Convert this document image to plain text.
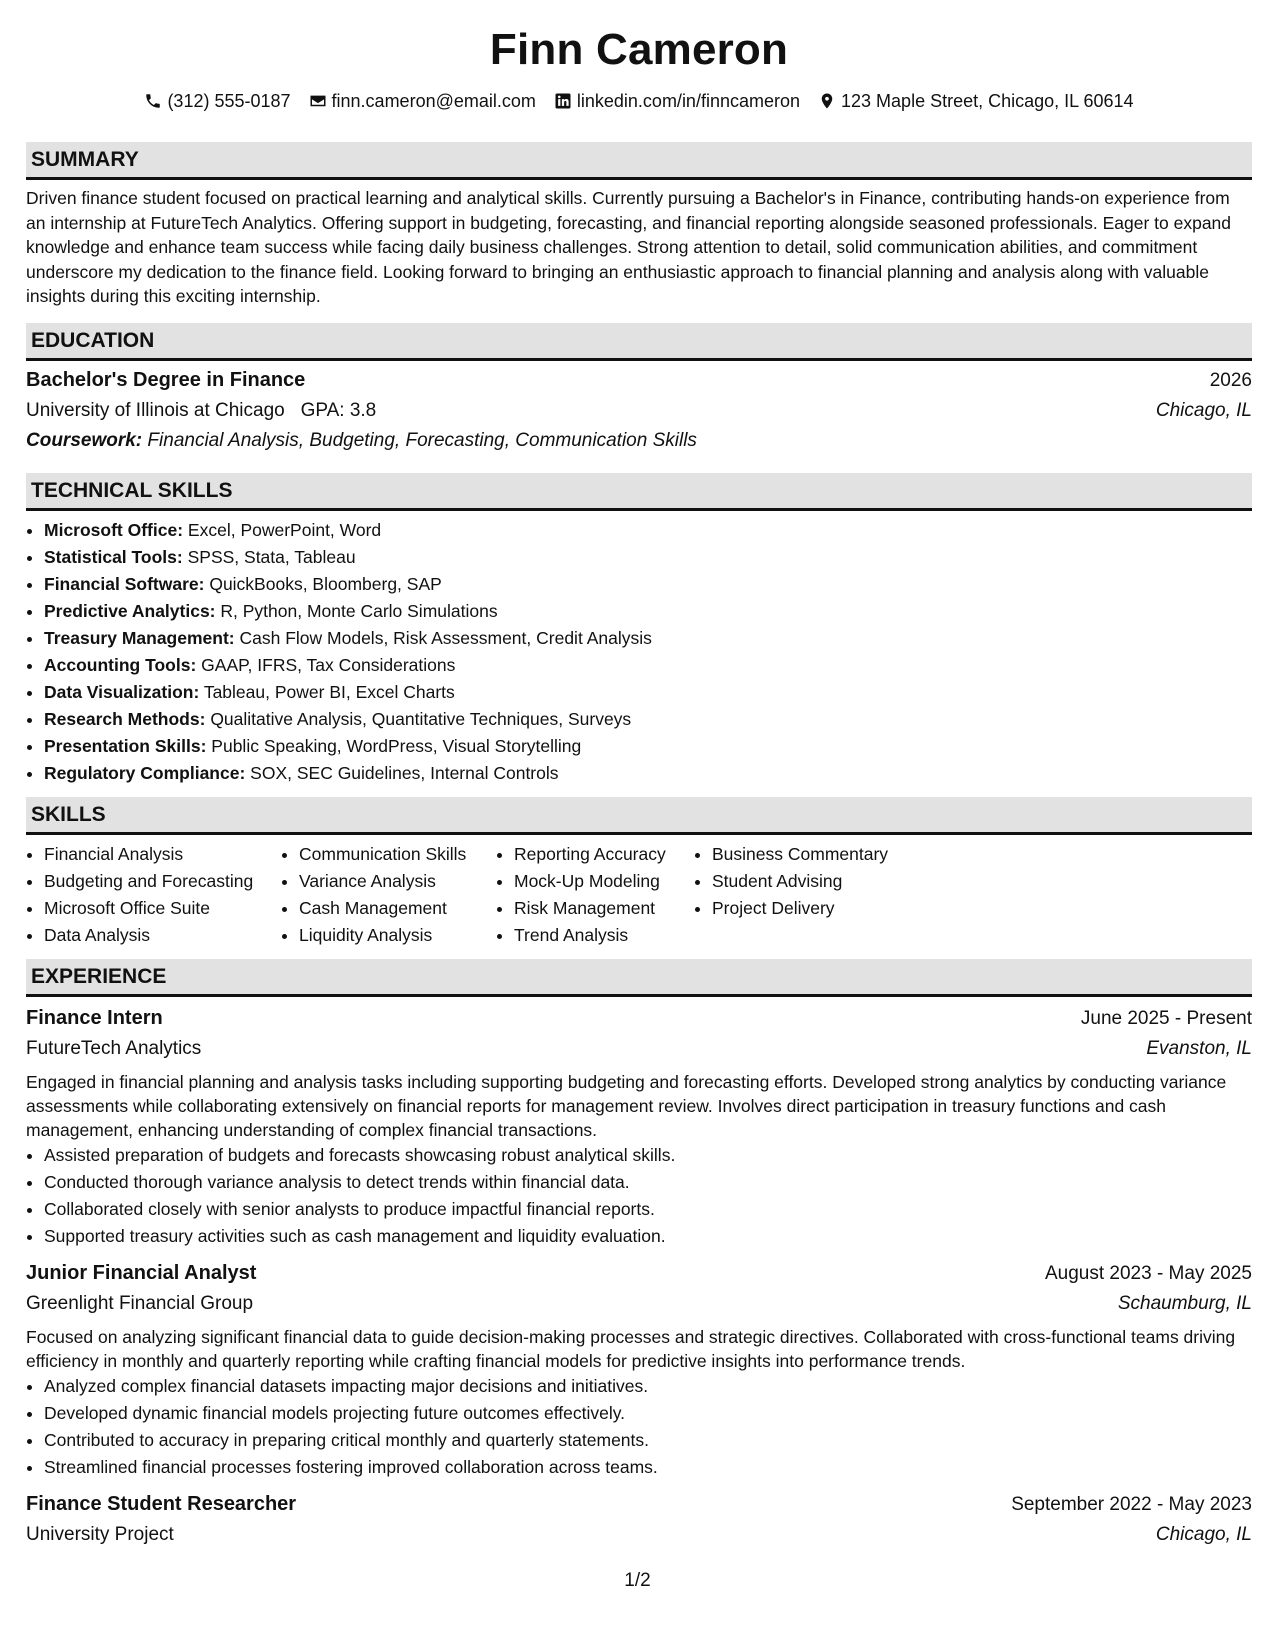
Finn Cameron
(312) 555-0187 finn.cameron@email.com linkedin.com/in/finncameron 123 Maple Street, Chicago, IL 60614
SUMMARY
Driven finance student focused on practical learning and analytical skills. Currently pursuing a Bachelor's in Finance, contributing hands-on experience from an internship at FutureTech Analytics. Offering support in budgeting, forecasting, and financial reporting alongside seasoned professionals. Eager to expand knowledge and enhance team success while facing daily business challenges. Strong attention to detail, solid communication abilities, and commitment underscore my dedication to the finance field. Looking forward to bringing an enthusiastic approach to financial planning and analysis along with valuable insights during this exciting internship.
EDUCATION
Bachelor's Degree in Finance	2026
University of Illinois at Chicago GPA: 3.8	Chicago, IL
Coursework: Financial Analysis, Budgeting, Forecasting, Communication Skills
TECHNICAL SKILLS
• Microsoft Office: Excel, PowerPoint, Word
• Statistical Tools: SPSS, Stata, Tableau
• Financial Software: QuickBooks, Bloomberg, SAP
• Predictive Analytics: R, Python, Monte Carlo Simulations
• Treasury Management: Cash Flow Models, Risk Assessment, Credit Analysis
• Accounting Tools: GAAP, IFRS, Tax Considerations
• Data Visualization: Tableau, Power BI, Excel Charts
• Research Methods: Qualitative Analysis, Quantitative Techniques, Surveys
• Presentation Skills: Public Speaking, WordPress, Visual Storytelling
• Regulatory Compliance: SOX, SEC Guidelines, Internal Controls
SKILLS
• Financial Analysis
• Budgeting and Forecasting
• Microsoft Office Suite
• Data Analysis
• Communication Skills
• Variance Analysis
• Cash Management
• Liquidity Analysis
• Reporting Accuracy
• Mock-Up Modeling
• Risk Management
• Trend Analysis
• Business Commentary
• Student Advising
• Project Delivery
EXPERIENCE
Finance Intern	June 2025 - Present
FutureTech Analytics	Evanston, IL
Engaged in financial planning and analysis tasks including supporting budgeting and forecasting efforts. Developed strong analytics by conducting variance assessments while collaborating extensively on financial reports for management review. Involves direct participation in treasury functions and cash management, enhancing understanding of complex financial transactions.
• Assisted preparation of budgets and forecasts showcasing robust analytical skills.
• Conducted thorough variance analysis to detect trends within financial data.
• Collaborated closely with senior analysts to produce impactful financial reports.
• Supported treasury activities such as cash management and liquidity evaluation.
Junior Financial Analyst	August 2023 - May 2025
Greenlight Financial Group	Schaumburg, IL
Focused on analyzing significant financial data to guide decision-making processes and strategic directives. Collaborated with cross-functional teams driving efficiency in monthly and quarterly reporting while crafting financial models for predictive insights into performance trends.
• Analyzed complex financial datasets impacting major decisions and initiatives.
• Developed dynamic financial models projecting future outcomes effectively.
• Contributed to accuracy in preparing critical monthly and quarterly statements.
• Streamlined financial processes fostering improved collaboration across teams.
Finance Student Researcher	September 2022 - May 2023
University Project	Chicago, IL
1/2
